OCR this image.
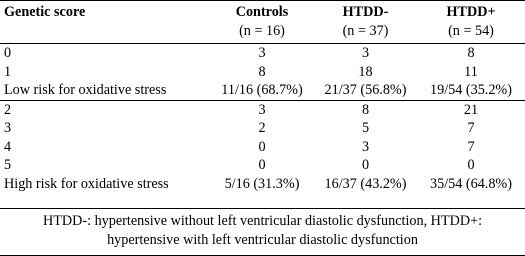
Genetic score	Controls	HTDD-	HTDD+
	(n = 16)	(n = 37)	(n = 54)
0	3	3	8
1	8	18	11
Low risk for oxidative stress	11/16 (68.7%)	21/37 (56.8%)	19/54 (35.2%)
2	3	8	21
3	2	5	7
4	0	3	7
5	0	0	0
High risk for oxidative stress	5/16 (31.3%)	16/37 (43.2%)	35/54 (64.8%)
HTDD-: hypertensive without left ventricular diastolic dysfunction, HTDD+:
hypertensive with left ventricular diastolic dysfunction
